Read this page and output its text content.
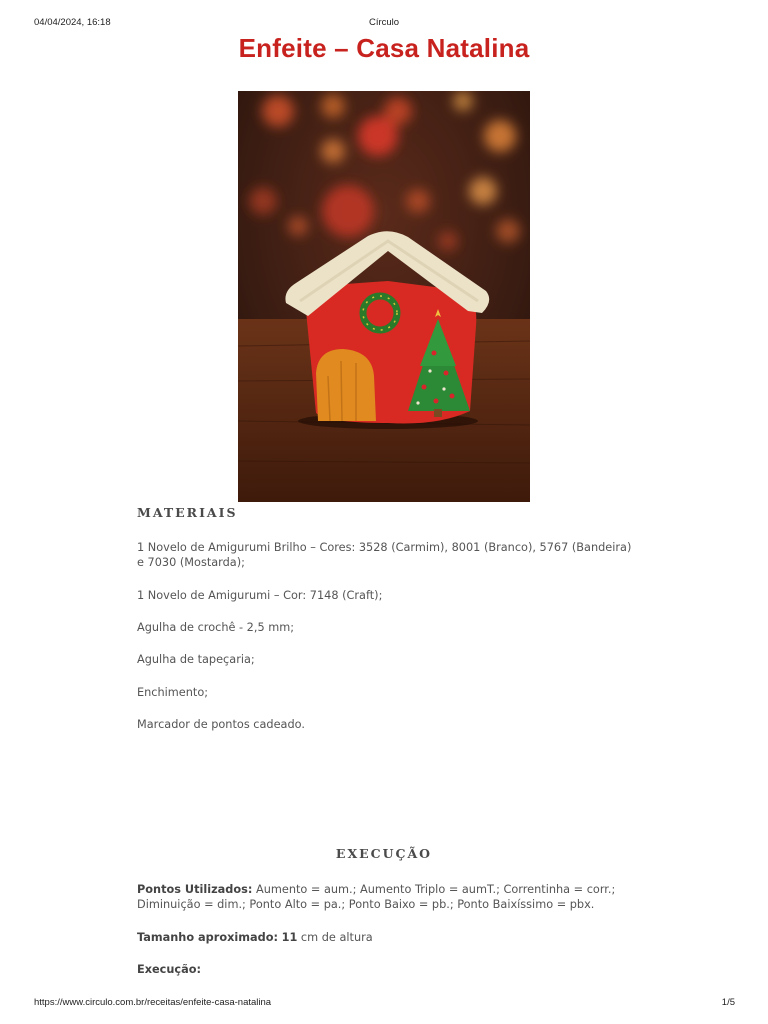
04/04/2024, 16:18	Círculo
Enfeite – Casa Natalina
MATERIAIS
1 Novelo de Amigurumi Brilho – Cores: 3528 (Carmim), 8001 (Branco), 5767 (Bandeira) e 7030 (Mostarda);
1 Novelo de Amigurumi – Cor: 7148 (Craft);
Agulha de crochê - 2,5 mm;
Agulha de tapeçaria;
Enchimento;
Marcador de pontos cadeado.
EXECUÇÃO
Pontos Utilizados: Aumento = aum.; Aumento Triplo = aumT.; Correntinha = corr.; Diminuição = dim.; Ponto Alto = pa.; Ponto Baixo = pb.; Ponto Baixíssimo = pbx.
Tamanho aproximado: 11 cm de altura
Execução:
https://www.circulo.com.br/receitas/enfeite-casa-natalina	1/5
